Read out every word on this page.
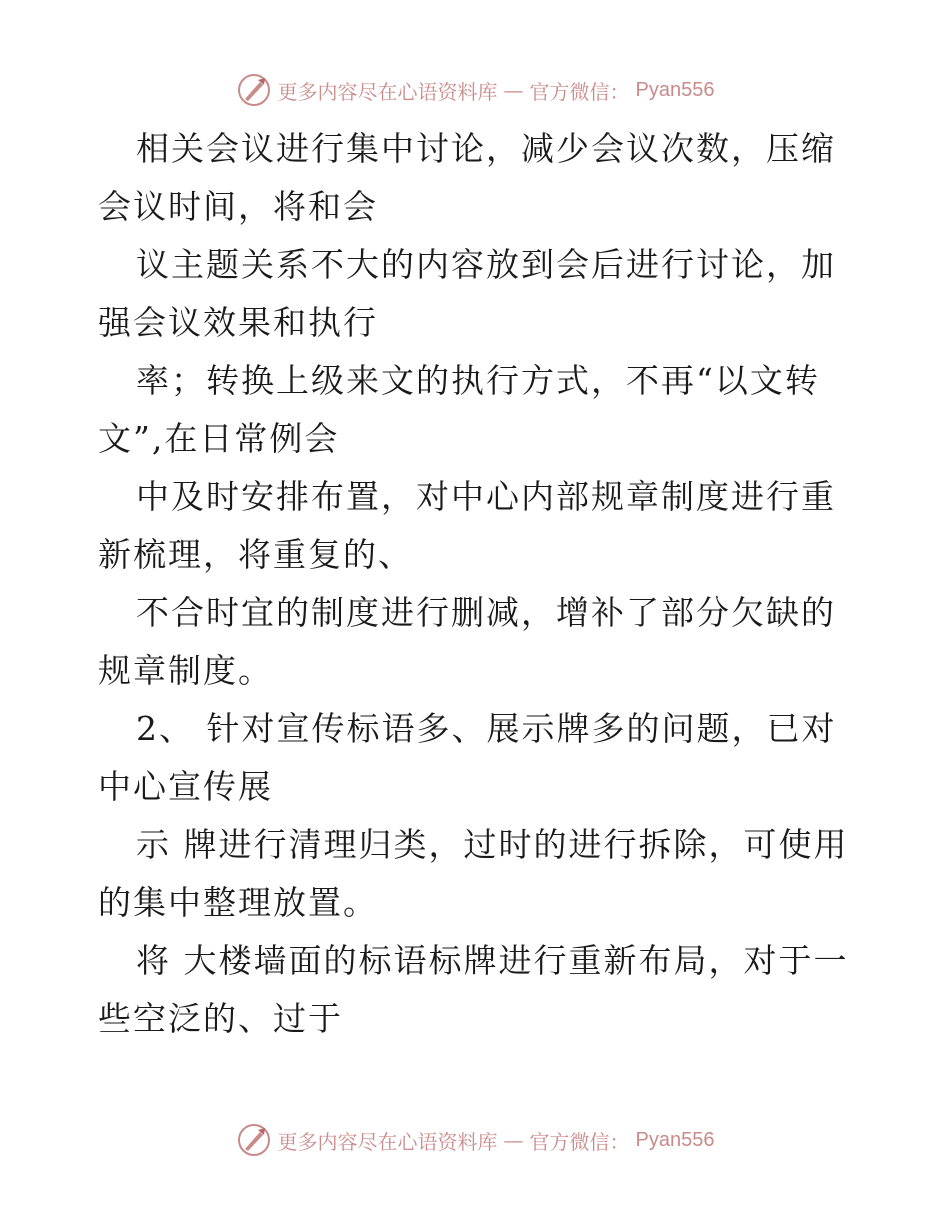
更多内容尽在心语资料库 — 官方微信： Pyan556

相关会议进行集中讨论，减少会议次数，压缩会议时间，将和会

议主题关系不大的内容放到会后进行讨论，加强会议效果和执行

率；转换上级来文的执行方式，不再“以文转文”,在日常例会

中及时安排布置，对中心内部规章制度进行重新梳理，将重复的、

不合时宜的制度进行删减，增补了部分欠缺的规章制度。

2、 针对宣传标语多、展示牌多的问题，已对中心宣传展

示 牌进行清理归类，过时的进行拆除，可使用的集中整理放置。

将 大楼墙面的标语标牌进行重新布局，对于一些空泛的、过于

更多内容尽在心语资料库 — 官方微信： Pyan556
